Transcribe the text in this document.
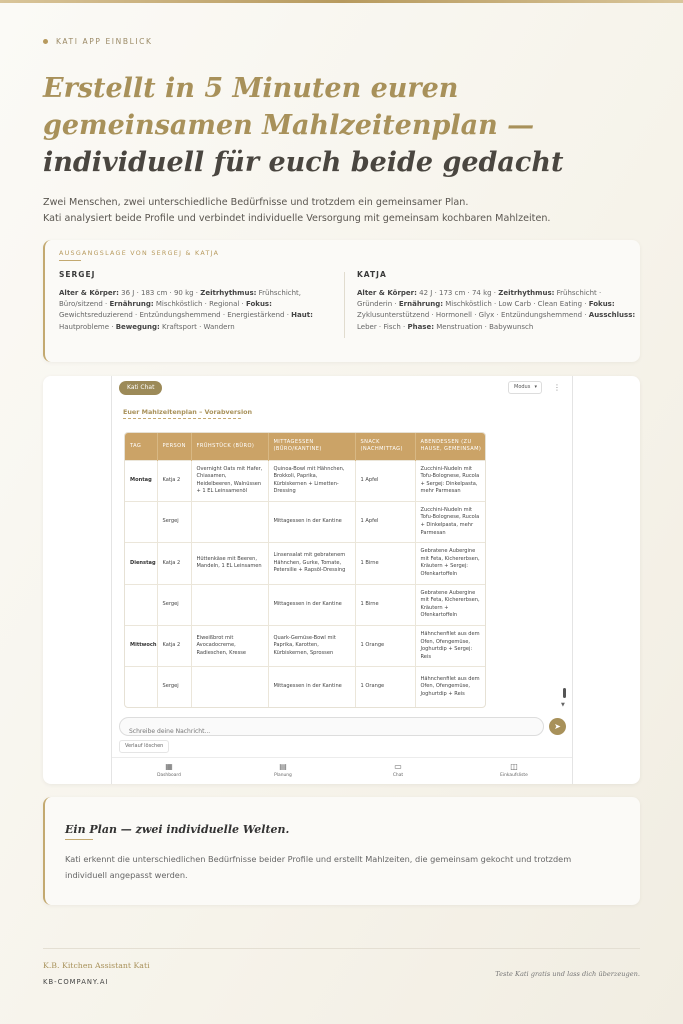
KATI APP EINBLICK
Erstellt in 5 Minuten euren
gemeinsamen Mahlzeitenplan —
individuell für euch beide gedacht
Zwei Menschen, zwei unterschiedliche Bedürfnisse und trotzdem ein gemeinsamer Plan.
Kati analysiert beide Profile und verbindet individuelle Versorgung mit gemeinsam kochbaren Mahlzeiten.
AUSGANGSLAGE VON SERGEJ & KATJA
SERGEJ
Alter & Körper: 36 J · 183 cm · 90 kg · Zeitrhythmus: Frühschicht, Büro/sitzend · Ernährung: Mischköstlich · Regional · Fokus: Gewichtsreduzierend · Entzündungshemmend · Energiestärkend · Haut: Hautprobleme · Bewegung: Kraftsport · Wandern
KATJA
Alter & Körper: 42 J · 173 cm · 74 kg · Zeitrhythmus: Frühschicht · Gründerin · Ernährung: Mischköstlich · Low Carb · Clean Eating · Fokus: Zyklusunterstützend · Hormonell · Glyx · Entzündungshemmend · Ausschluss: Leber · Fisch · Phase: Menstruation · Babywunsch
Kati Chat	Modus ▾ ⋮
Euer Mahlzeitenplan – Vorabversion
TAG	PERSON	FRÜHSTÜCK (BÜRO)	MITTAGESSEN (BÜRO/KANTINE)	SNACK (NACHMITTAG)	ABENDESSEN (ZU HAUSE, GEMEINSAM)
Montag	Katja 2	Overnight Oats mit Hafer, Chiasamen, Heidelbeeren, Walnüssen + 1 EL Leinsamenöl	Quinoa-Bowl mit Hähnchen, Brokkoli, Paprika, Kürbiskernen + Limetten-Dressing	1 Apfel	Zucchini-Nudeln mit Tofu-Bolognese, Rucola + Sergej: Dinkelpasta, mehr Parmesan
	Sergej		Mittagessen in der Kantine	1 Apfel	Zucchini-Nudeln mit Tofu-Bolognese, Rucola + Dinkelpasta, mehr Parmesan
Dienstag	Katja 2	Hüttenkäse mit Beeren, Mandeln, 1 EL Leinsamen	Linsensalat mit gebratenem Hähnchen, Gurke, Tomate, Petersilie + Rapsöl-Dressing	1 Birne	Gebratene Aubergine mit Feta, Kichererbsen, Kräutern + Sergej: Ofenkartoffeln
	Sergej		Mittagessen in der Kantine	1 Birne	Gebratene Aubergine mit Feta, Kichererbsen, Kräutern + Ofenkartoffeln
Mittwoch	Katja 2	Eiweißbrot mit Avocadocreme, Radieschen, Kresse	Quark-Gemüse-Bowl mit Paprika, Karotten, Kürbiskernen, Sprossen	1 Orange	Hähnchenfilet aus dem Ofen, Ofengemüse, Joghurtdip + Sergej: Reis
	Sergej		Mittagessen in der Kantine	1 Orange	Hähnchenfilet aus dem Ofen, Ofengemüse, Joghurtdip + Reis
▼
Schreibe deine Nachricht...
➤
Verlauf löschen
▦
Dashboard
▤
Planung
▭
Chat
◫
Einkaufsliste
Ein Plan — zwei individuelle Welten.

Kati erkennt die unterschiedlichen Bedürfnisse beider Profile und erstellt Mahlzeiten, die gemeinsam gekocht und trotzdem individuell angepasst werden.

K.B. Kitchen Assistant Kati
KB-COMPANY.AI
Teste Kati gratis und lass dich überzeugen.
